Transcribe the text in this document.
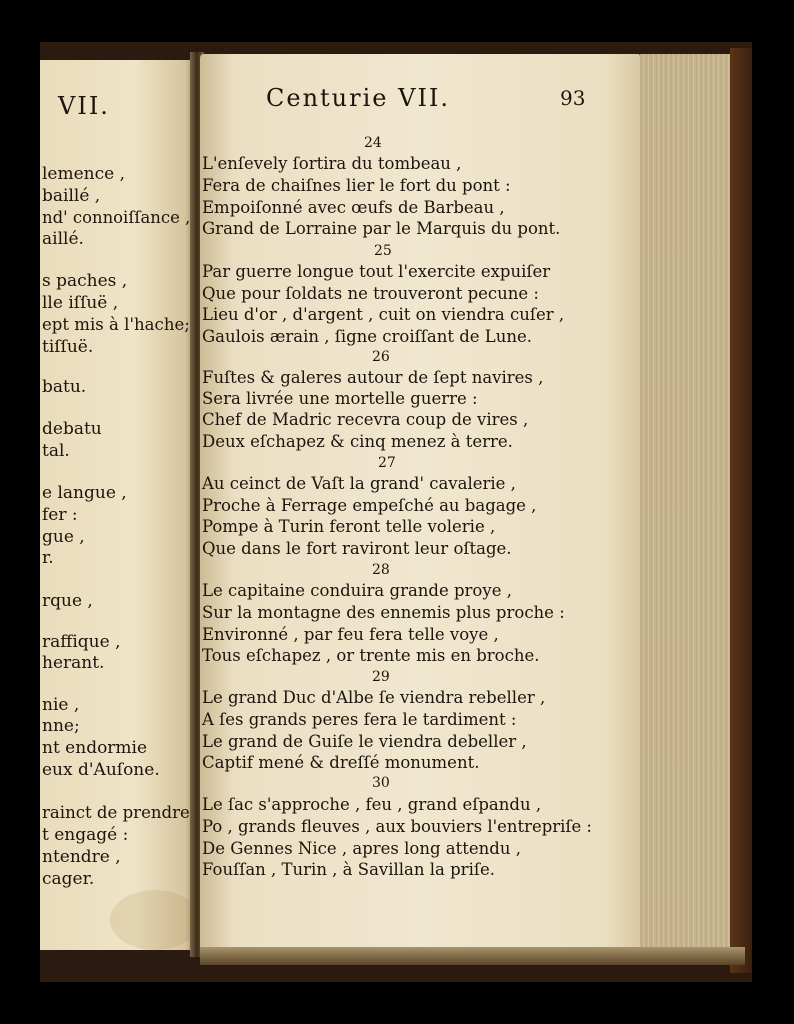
VII.
lemence ,
baillé ,
nd' connoiſſance ,
aillé.
s paches ,
lle iſſuë ,
ept mis à l'hache;
tiſſuë.
batu.
debatu
tal.
e langue ,
fer :
gue ,
r.
rque ,
raffique ,
herant.
nie ,
nne;
nt endormie
eux d'Auſone.
rainct de prendre
t engagé :
ntendre ,
cager.
Centurie VII.	93
24
L'enſevely ſortira du tombeau ,
Fera de chaiſnes lier le fort du pont :
Empoiſonné avec œufs de Barbeau ,
Grand de Lorraine par le Marquis du pont.
25
Par guerre longue tout l'exercite expuiſer
Que pour ſoldats ne trouveront pecune :
Lieu d'or , d'argent , cuit on viendra cuſer ,
Gaulois ærain , ſigne croiſſant de Lune.
26
Fuſtes & galeres autour de ſept navires ,
Sera livrée une mortelle guerre :
Chef de Madric recevra coup de vires ,
Deux eſchapez & cinq menez à terre.
27
Au ceinct de Vaſt la grand' cavalerie ,
Proche à Ferrage empeſché au bagage ,
Pompe à Turin feront telle volerie ,
Que dans le fort raviront leur oſtage.
28
Le capitaine conduira grande proye ,
Sur la montagne des ennemis plus proche :
Environné , par feu fera telle voye ,
Tous eſchapez , or trente mis en broche.
29
Le grand Duc d'Albe ſe viendra rebeller ,
A ſes grands peres fera le tardiment :
Le grand de Guiſe le viendra debeller ,
Captif mené & dreſſé monument.
30
Le ſac s'approche , feu , grand eſpandu ,
Po , grands fleuves , aux bouviers l'entrepriſe :
De Gennes Nice , apres long attendu ,
Fouſſan , Turin , à Savillan la priſe.
